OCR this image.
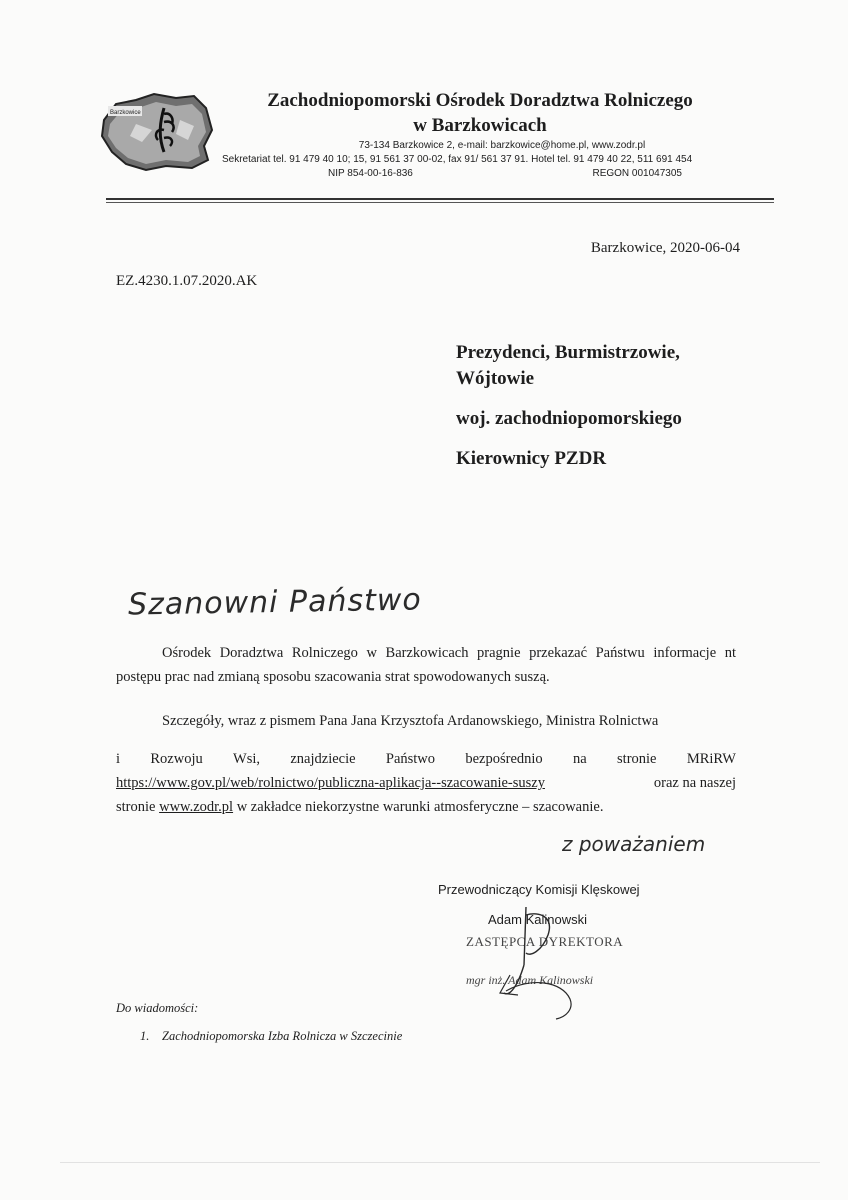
Barzkowice
Zachodniopomorski Ośrodek Doradztwa Rolniczego
w Barzkowicach
73-134 Barzkowice 2, e-mail: barzkowice@home.pl, www.zodr.pl
Sekretariat tel. 91 479 40 10; 15, 91 561 37 00-02, fax 91/ 561 37 91. Hotel tel. 91 479 40 22, 511 691 454
NIP 854-00-16-836	REGON 001047305
Barzkowice, 2020-06-04
EZ.4230.1.07.2020.AK
Prezydenci, Burmistrzowie,
Wójtowie
woj. zachodniopomorskiego
Kierownicy PZDR
Szanowni Państwo
Ośrodek Doradztwa Rolniczego w Barzkowicach pragnie przekazać Państwu informacje nt postępu prac nad zmianą sposobu szacowania strat spowodowanych suszą.
Szczegóły, wraz z pismem Pana Jana Krzysztofa Ardanowskiego, Ministra Rolnictwa
i Rozwoju Wsi, znajdziecie Państwo bezpośrednio na stronie MRiRW
https://www.gov.pl/web/rolnictwo/publiczna-aplikacja--szacowanie-suszy	oraz na naszej
stronie www.zodr.pl w zakładce niekorzystne warunki atmosferyczne – szacowanie.
z poważaniem
Przewodniczący Komisji Klęskowej
Adam Kalinowski
ZASTĘPCA DYREKTORA
mgr inż. Adam Kalinowski
Do wiadomości:
1. Zachodniopomorska Izba Rolnicza w Szczecinie
